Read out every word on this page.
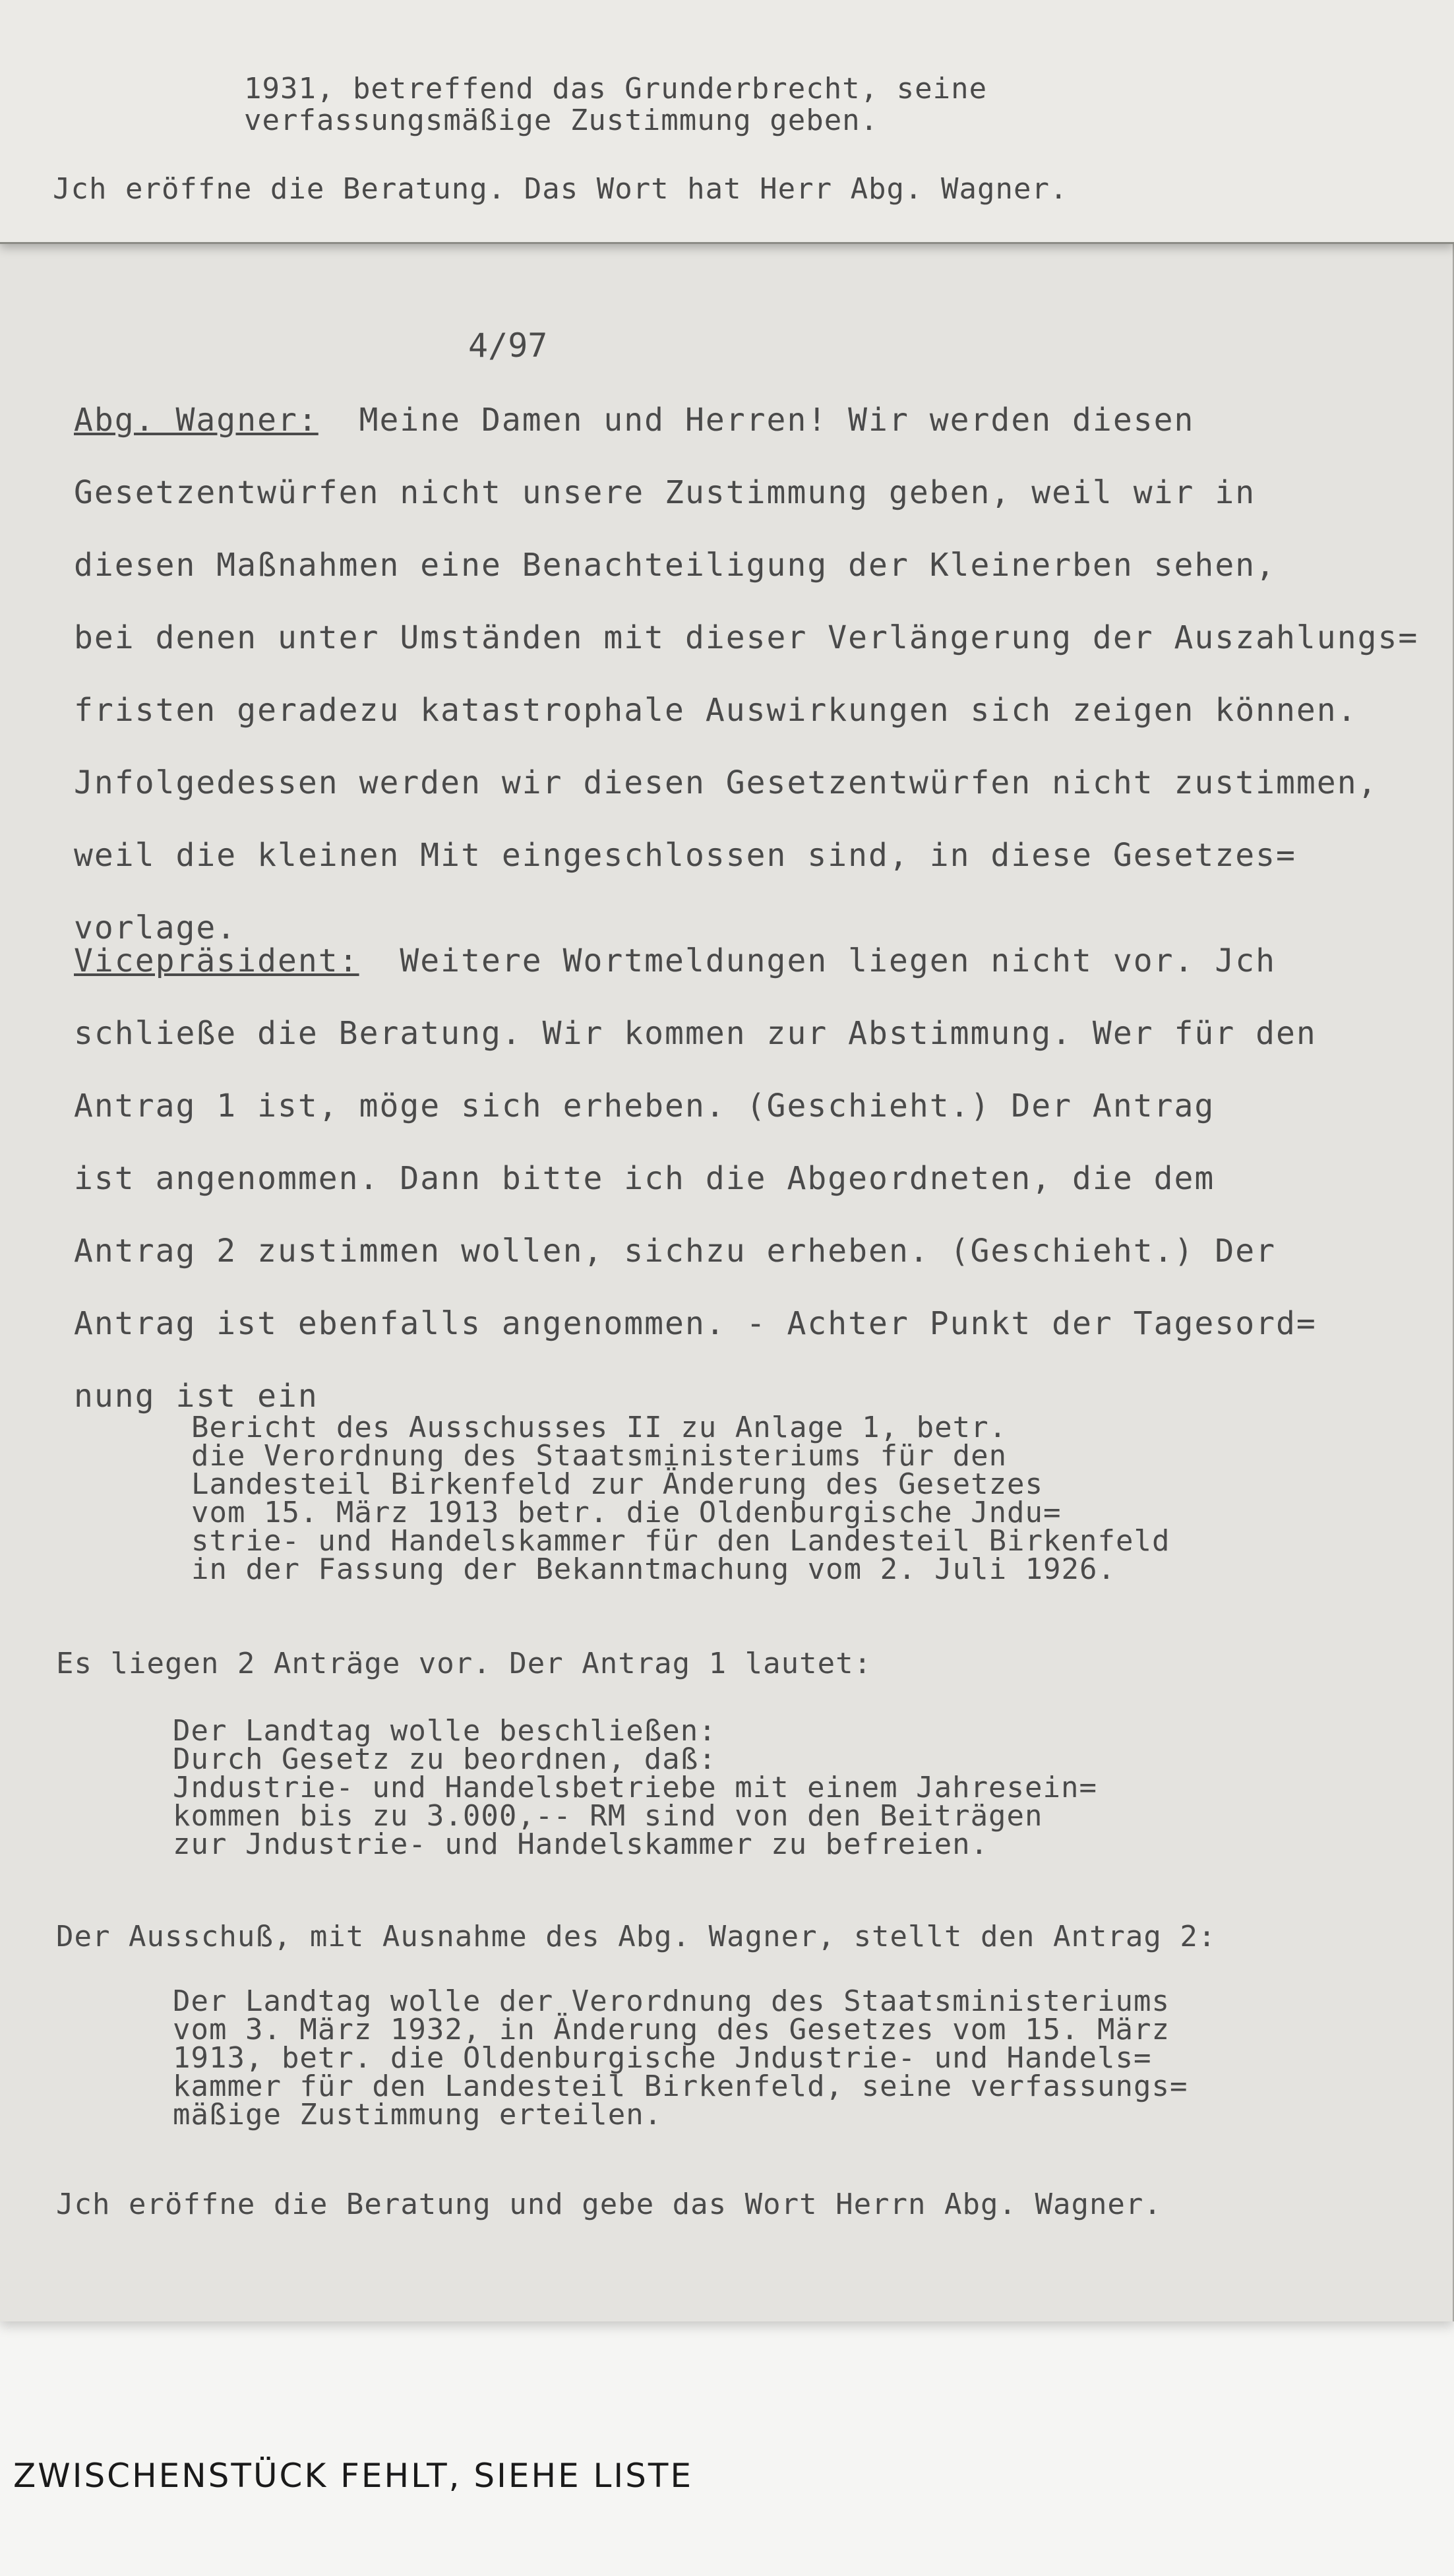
1931, betreffend das Grunderbrecht, seine

verfassungsmäßige Zustimmung geben.

Jch eröffne die Beratung. Das Wort hat Herr Abg. Wagner.

4/97

Abg. Wagner:  Meine Damen und Herren! Wir werden diesen

Gesetzentwürfen nicht unsere Zustimmung geben, weil wir in

diesen Maßnahmen eine Benachteiligung der Kleinerben sehen,

bei denen unter Umständen mit dieser Verlängerung der Auszahlungs=

fristen geradezu katastrophale Auswirkungen sich zeigen können.

Jnfolgedessen werden wir diesen Gesetzentwürfen nicht zustimmen,

weil die kleinen Mit eingeschlossen sind, in diese Gesetzes=

vorlage.

Vicepräsident:  Weitere Wortmeldungen liegen nicht vor. Jch

schließe die Beratung. Wir kommen zur Abstimmung. Wer für den

Antrag 1 ist, möge sich erheben. (Geschieht.) Der Antrag

ist angenommen. Dann bitte ich die Abgeordneten, die dem

Antrag 2 zustimmen wollen, sichzu erheben. (Geschieht.) Der

Antrag ist ebenfalls angenommen. - Achter Punkt der Tagesord=

nung ist ein

Bericht des Ausschusses II zu Anlage 1, betr.

die Verordnung des Staatsministeriums für den

Landesteil Birkenfeld zur Änderung des Gesetzes

vom 15. März 1913 betr. die Oldenburgische Jndu=

strie- und Handelskammer für den Landesteil Birkenfeld

in der Fassung der Bekanntmachung vom 2. Juli 1926.

Es liegen 2 Anträge vor. Der Antrag 1 lautet:

Der Landtag wolle beschließen:

Durch Gesetz zu beordnen, daß:

Jndustrie- und Handelsbetriebe mit einem Jahresein=

kommen bis zu 3.000,-- RM sind von den Beiträgen

zur Jndustrie- und Handelskammer zu befreien.

Der Ausschuß, mit Ausnahme des Abg. Wagner, stellt den Antrag 2:

Der Landtag wolle der Verordnung des Staatsministeriums

vom 3. März 1932, in Änderung des Gesetzes vom 15. März

1913, betr. die Oldenburgische Jndustrie- und Handels=

kammer für den Landesteil Birkenfeld, seine verfassungs=

mäßige Zustimmung erteilen.

Jch eröffne die Beratung und gebe das Wort Herrn Abg. Wagner.

ZWISCHENSTÜCK FEHLT, SIEHE LISTE
